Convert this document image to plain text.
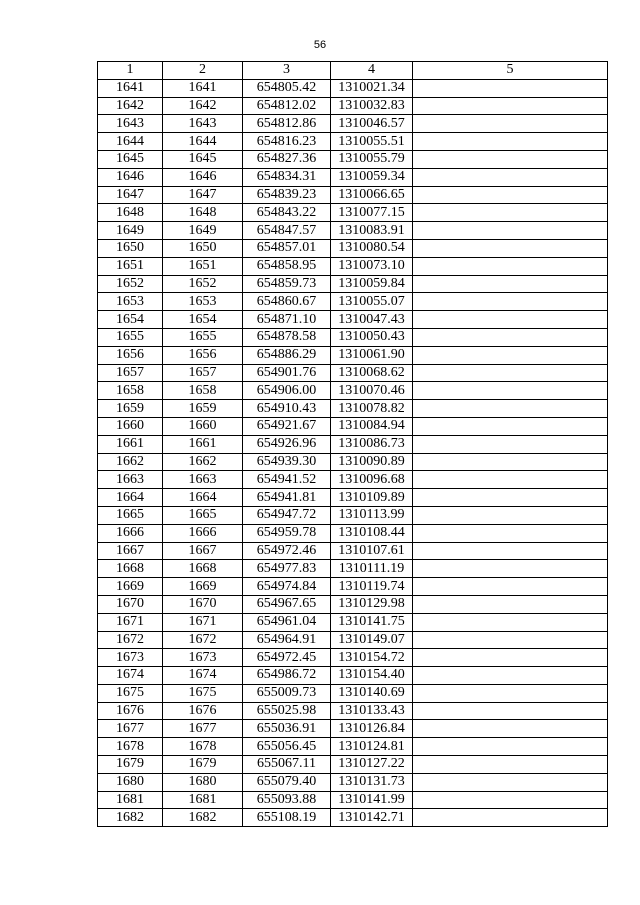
56
1	2	3	4	5
1641	1641	654805.42	1310021.34	
1642	1642	654812.02	1310032.83	
1643	1643	654812.86	1310046.57	
1644	1644	654816.23	1310055.51	
1645	1645	654827.36	1310055.79	
1646	1646	654834.31	1310059.34	
1647	1647	654839.23	1310066.65	
1648	1648	654843.22	1310077.15	
1649	1649	654847.57	1310083.91	
1650	1650	654857.01	1310080.54	
1651	1651	654858.95	1310073.10	
1652	1652	654859.73	1310059.84	
1653	1653	654860.67	1310055.07	
1654	1654	654871.10	1310047.43	
1655	1655	654878.58	1310050.43	
1656	1656	654886.29	1310061.90	
1657	1657	654901.76	1310068.62	
1658	1658	654906.00	1310070.46	
1659	1659	654910.43	1310078.82	
1660	1660	654921.67	1310084.94	
1661	1661	654926.96	1310086.73	
1662	1662	654939.30	1310090.89	
1663	1663	654941.52	1310096.68	
1664	1664	654941.81	1310109.89	
1665	1665	654947.72	1310113.99	
1666	1666	654959.78	1310108.44	
1667	1667	654972.46	1310107.61	
1668	1668	654977.83	1310111.19	
1669	1669	654974.84	1310119.74	
1670	1670	654967.65	1310129.98	
1671	1671	654961.04	1310141.75	
1672	1672	654964.91	1310149.07	
1673	1673	654972.45	1310154.72	
1674	1674	654986.72	1310154.40	
1675	1675	655009.73	1310140.69	
1676	1676	655025.98	1310133.43	
1677	1677	655036.91	1310126.84	
1678	1678	655056.45	1310124.81	
1679	1679	655067.11	1310127.22	
1680	1680	655079.40	1310131.73	
1681	1681	655093.88	1310141.99	
1682	1682	655108.19	1310142.71	
